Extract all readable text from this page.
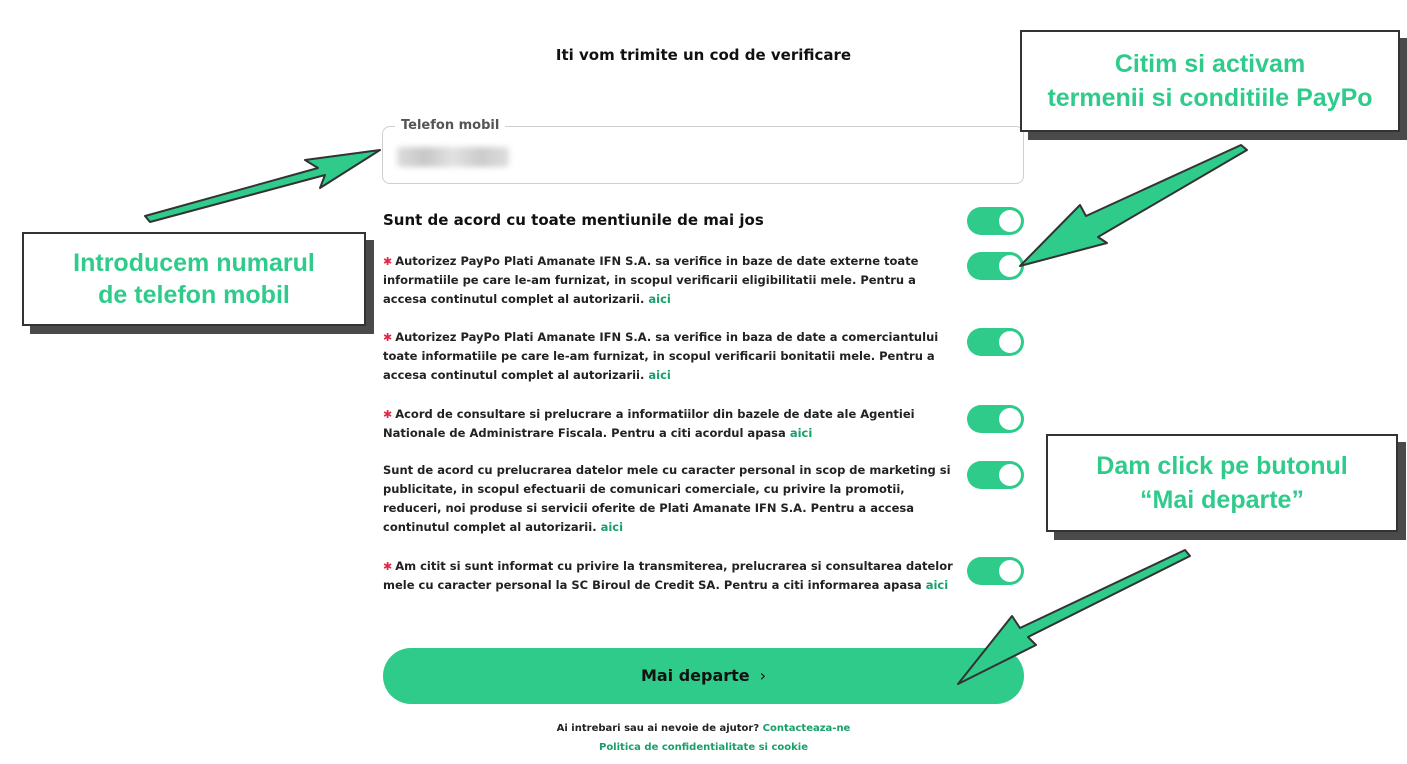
Iti vom trimite un cod de verificare
Telefon mobil
Sunt de acord cu toate mentiunile de mai jos
✱ Autorizez PayPo Plati Amanate IFN S.A. sa verifice in baze de date externe toate informatiile pe care le-am furnizat, in scopul verificarii eligibilitatii mele. Pentru a accesa continutul complet al autorizarii. aici
✱ Autorizez PayPo Plati Amanate IFN S.A. sa verifice in baza de date a comerciantului toate informatiile pe care le-am furnizat, in scopul verificarii bonitatii mele. Pentru a accesa continutul complet al autorizarii. aici
✱ Acord de consultare si prelucrare a informatiilor din bazele de date ale Agentiei Nationale de Administrare Fiscala. Pentru a citi acordul apasa aici
Sunt de acord cu prelucrarea datelor mele cu caracter personal in scop de marketing si publicitate, in scopul efectuarii de comunicari comerciale, cu privire la promotii, reduceri, noi produse si servicii oferite de Plati Amanate IFN S.A. Pentru a accesa continutul complet al autorizarii. aici
✱ Am citit si sunt informat cu privire la transmiterea, prelucrarea si consultarea datelor mele cu caracter personal la SC Biroul de Credit SA. Pentru a citi informarea apasa aici
Mai departe ›
Ai intrebari sau ai nevoie de ajutor? Contacteaza-ne
Politica de confidentialitate si cookie
Introducem numarul
de telefon mobil
Citim si activam
termenii si conditiile PayPo
Dam click pe butonul
“Mai departe”
